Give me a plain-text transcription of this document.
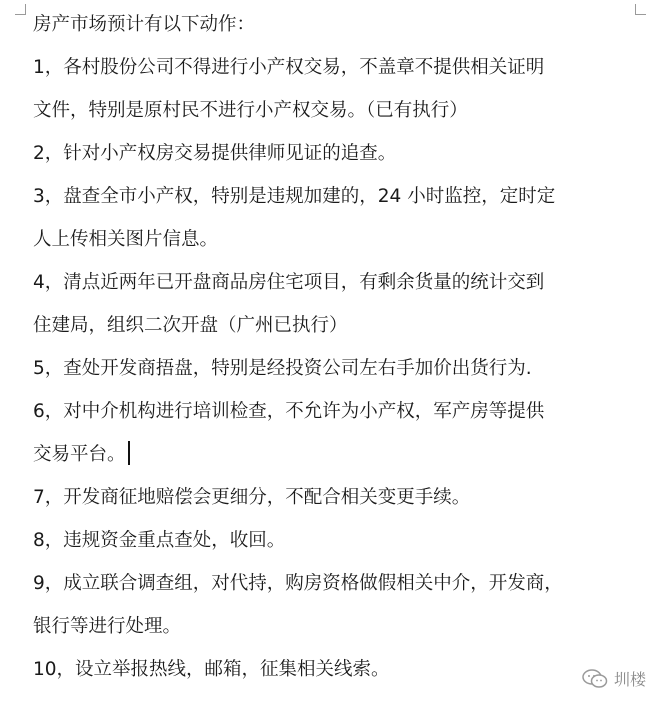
房产市场预计有以下动作：
1，各村股份公司不得进行小产权交易，不盖章不提供相关证明
文件，特别是原村民不进行小产权交易。（已有执行）
2，针对小产权房交易提供律师见证的追查。
3，盘查全市小产权，特别是违规加建的，24 小时监控，定时定
人上传相关图片信息。
4，清点近两年已开盘商品房住宅项目，有剩余货量的统计交到
住建局，组织二次开盘（广州已执行）
5，查处开发商捂盘，特别是经投资公司左右手加价出货行为.
6，对中介机构进行培训检查，不允许为小产权，军产房等提供
交易平台。
7，开发商征地赔偿会更细分，不配合相关变更手续。
8，违规资金重点查处，收回。
9，成立联合调查组，对代持，购房资格做假相关中介，开发商，
银行等进行处理。
10，设立举报热线，邮箱，征集相关线索。	圳楼
